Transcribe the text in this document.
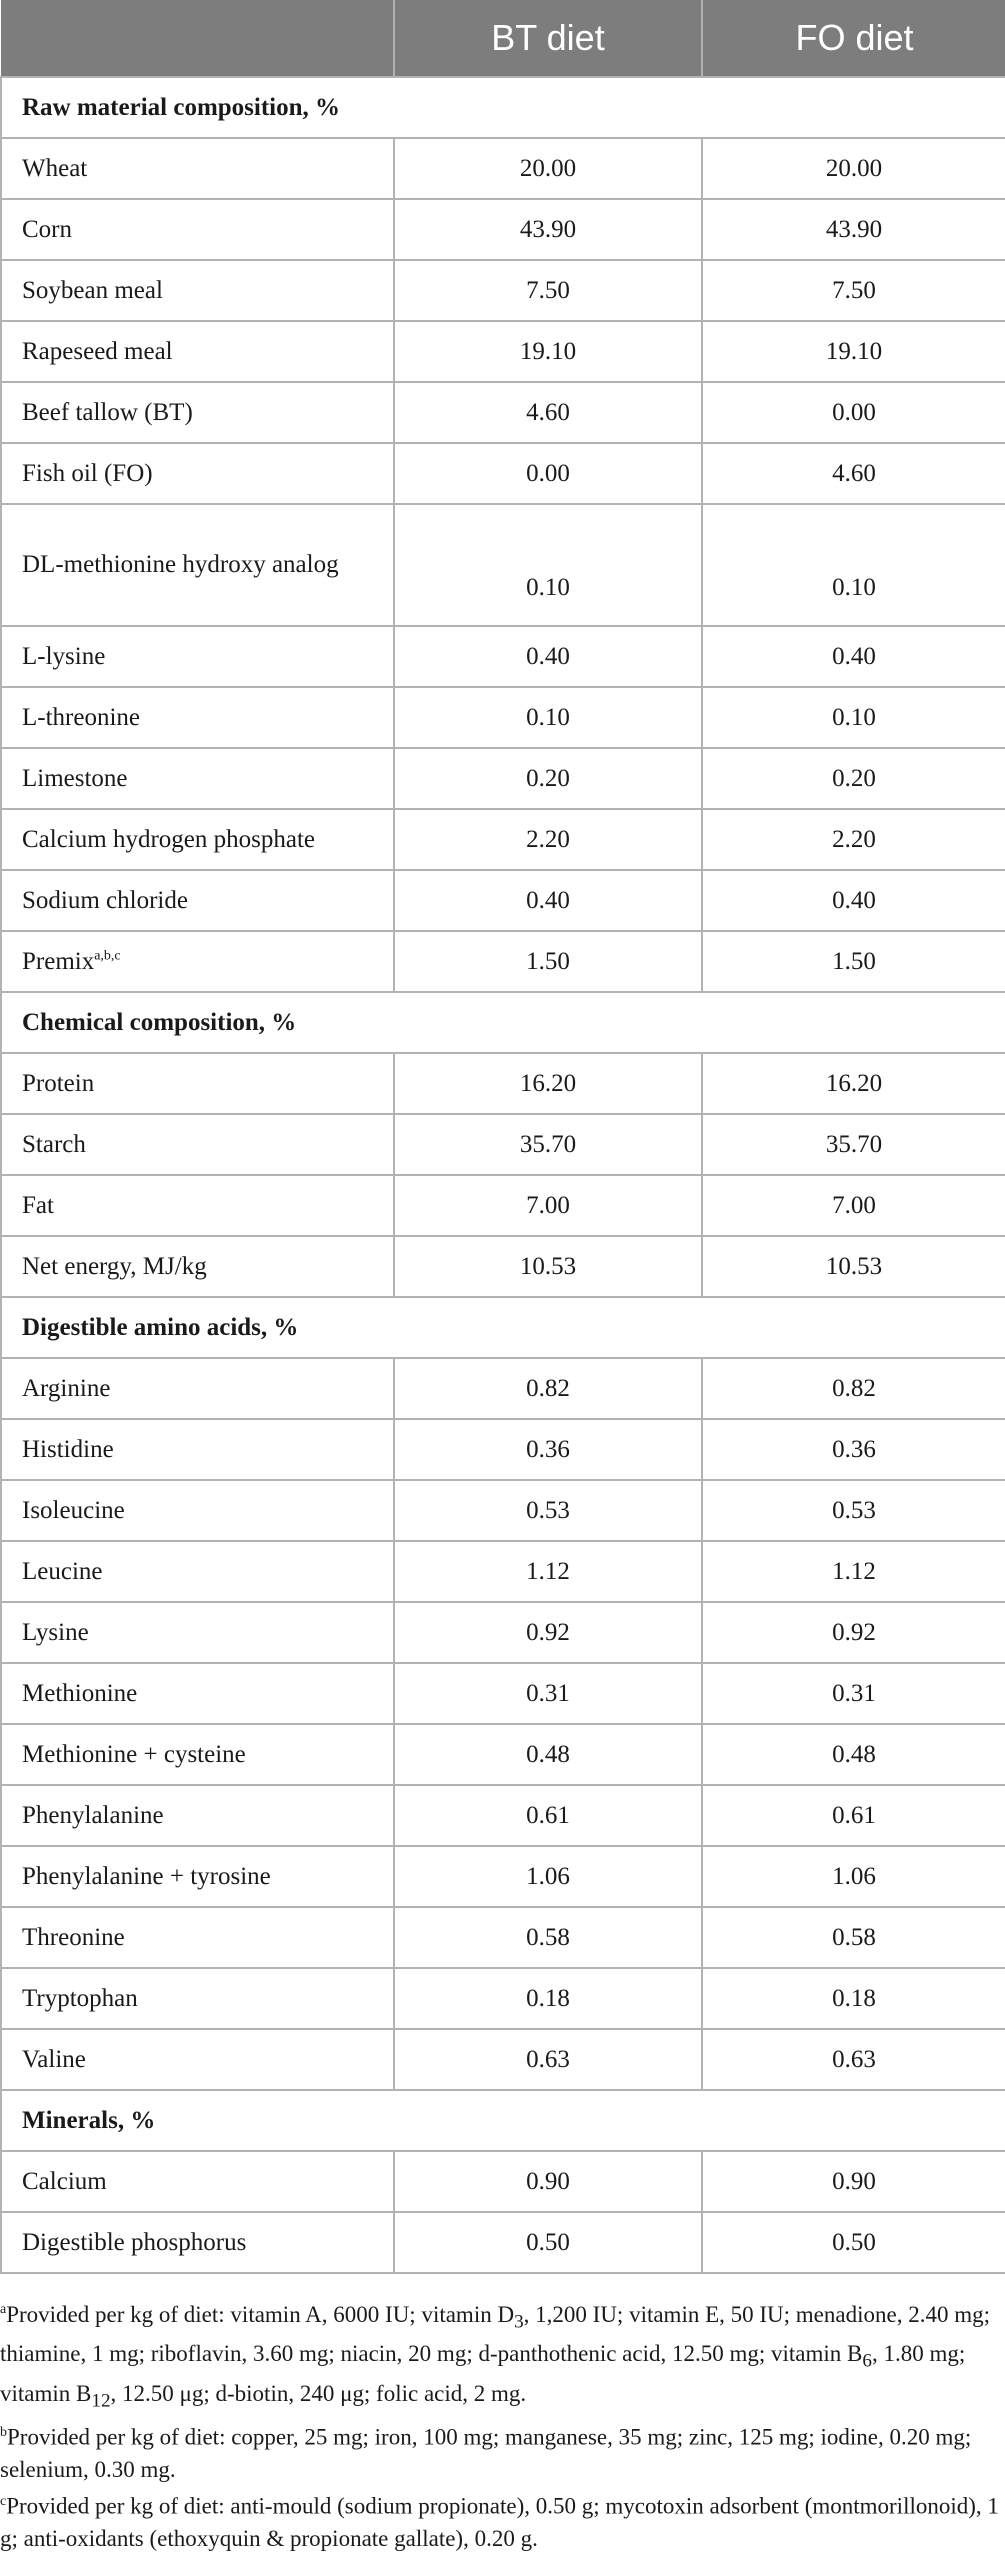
	BT diet	FO diet
Raw material composition, %		
Wheat	20.00	20.00
Corn	43.90	43.90
Soybean meal	7.50	7.50
Rapeseed meal	19.10	19.10
Beef tallow (BT)	4.60	0.00
Fish oil (FO)	0.00	4.60
DL-methionine hydroxy analog	0.10	0.10
L-lysine	0.40	0.40
L-threonine	0.10	0.10
Limestone	0.20	0.20
Calcium hydrogen phosphate	2.20	2.20
Sodium chloride	0.40	0.40
Premix$^{a,b,c}$	1.50	1.50
Chemical composition, %		
Protein	16.20	16.20
Starch	35.70	35.70
Fat	7.00	7.00
Net energy, MJ/kg	10.53	10.53
Digestible amino acids, %		
Arginine	0.82	0.82
Histidine	0.36	0.36
Isoleucine	0.53	0.53
Leucine	1.12	1.12
Lysine	0.92	0.92
Methionine	0.31	0.31
Methionine + cysteine	0.48	0.48
Phenylalanine	0.61	0.61
Phenylalanine + tyrosine	1.06	1.06
Threonine	0.58	0.58
Tryptophan	0.18	0.18
Valine	0.63	0.63
Minerals, %		
Calcium	0.90	0.90
Digestible phosphorus	0.50	0.50

$^a$Provided per kg of diet: vitamin A, 6000 IU; vitamin $D_3$, 1,200 IU; vitamin E, 50 IU; menadione, 2.40 mg; thiamine, 1 mg; riboflavin, 3.60 mg; niacin, 20 mg; d-panthothenic acid, 12.50 mg; vitamin $B_6$, 1.80 mg; vitamin $B_{12}$, 12.50 μg; d-biotin, 240 μg; folic acid, 2 mg.

$^b$Provided per kg of diet: copper, 25 mg; iron, 100 mg; manganese, 35 mg; zinc, 125 mg; iodine, 0.20 mg; selenium, 0.30 mg.

$^c$Provided per kg of diet: anti-mould (sodium propionate), 0.50 g; mycotoxin adsorbent (montmorillonoid), 1 g; anti-oxidants (ethoxyquin & propionate gallate), 0.20 g.
